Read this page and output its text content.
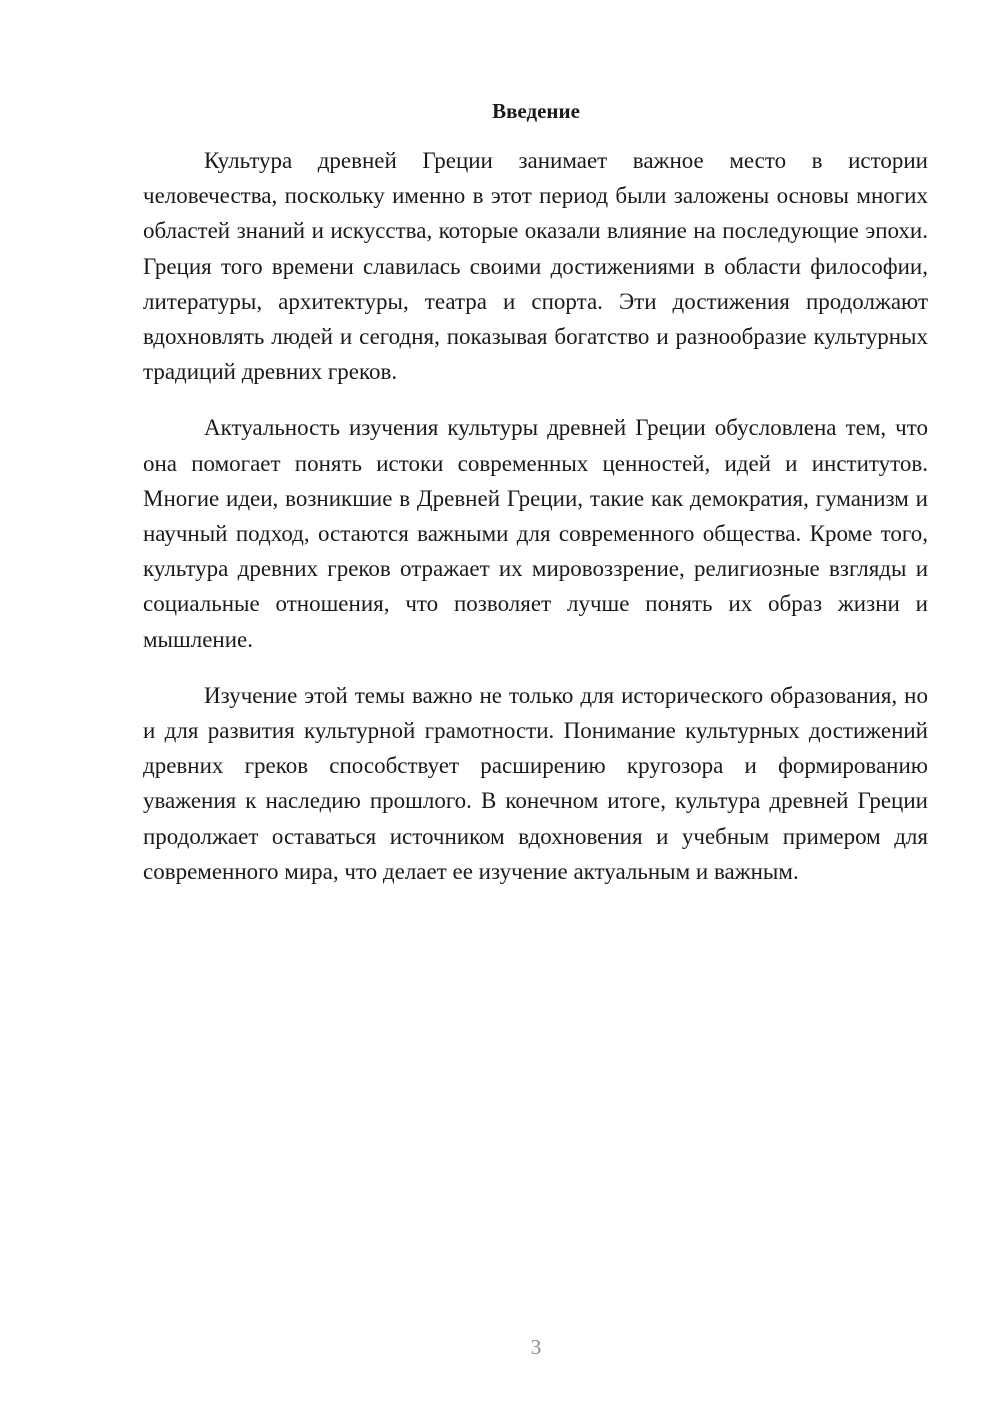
Введение

Культура древней Греции занимает важное место в истории человечества, поскольку именно в этот период были заложены основы многих областей знаний и искусства, которые оказали влияние на последующие эпохи. Греция того времени славилась своими достижениями в области философии, литературы, архитектуры, театра и спорта. Эти достижения продолжают вдохновлять людей и сегодня, показывая богатство и разнообразие культурных традиций древних греков.

Актуальность изучения культуры древней Греции обусловлена тем, что она помогает понять истоки современных ценностей, идей и институтов. Многие идеи, возникшие в Древней Греции, такие как демократия, гуманизм и научный подход, остаются важными для современного общества. Кроме того, культура древних греков отражает их мировоззрение, религиозные взгляды и социальные отношения, что позволяет лучше понять их образ жизни и мышление.

Изучение этой темы важно не только для исторического образования, но и для развития культурной грамотности. Понимание культурных достижений древних греков способствует расширению кругозора и формированию уважения к наследию прошлого. В конечном итоге, культура древней Греции продолжает оставаться источником вдохновения и учебным примером для современного мира, что делает ее изучение актуальным и важным.

3
